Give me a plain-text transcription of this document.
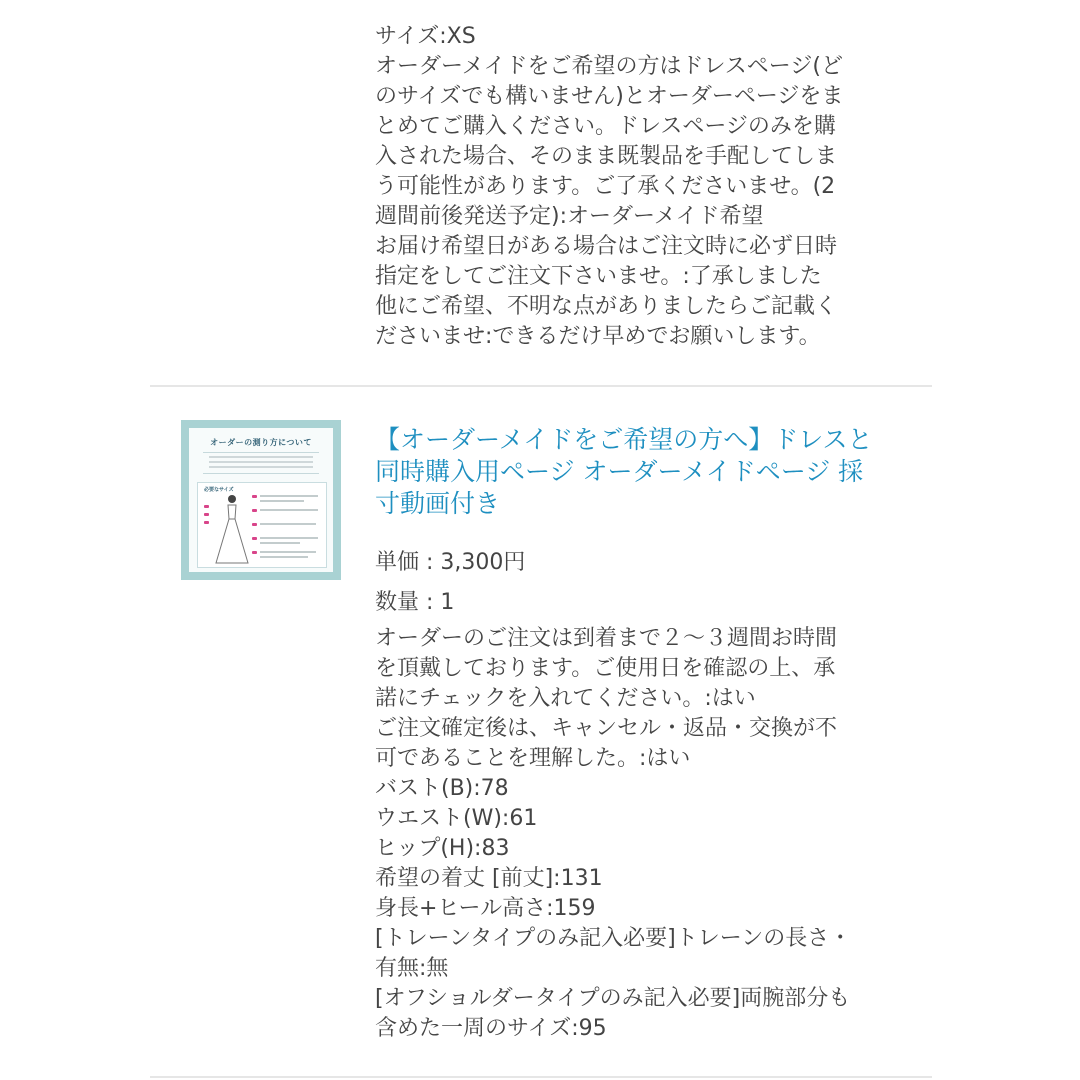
サイズ:XS
オーダーメイドをご希望の方はドレスページ(ど
のサイズでも構いません)とオーダーページをま
とめてご購入ください。ドレスページのみを購
入された場合、そのまま既製品を手配してしま
う可能性があります。ご了承くださいませ。(2
週間前後発送予定):オーダーメイド希望
お届け希望日がある場合はご注文時に必ず日時
指定をしてご注文下さいませ。:了承しました
他にご希望、不明な点がありましたらご記載く
ださいませ:できるだけ早めでお願いします。
オーダーの測り方について
必要なサイズ
【オーダーメイドをご希望の方へ】ドレスと
同時購入用ページ オーダーメイドページ 採
寸動画付き
単価 : 3,300円
数量 : 1
オーダーのご注文は到着まで２〜３週間お時間
を頂戴しております。ご使用日を確認の上、承
諾にチェックを入れてください。:はい
ご注文確定後は、キャンセル・返品・交換が不
可であることを理解した。:はい
バスト(B):78
ウエスト(W):61
ヒップ(H):83
希望の着丈 [前丈]:131
身長+ヒール高さ:159
[トレーンタイプのみ記入必要]トレーンの長さ・
有無:無
[オフショルダータイプのみ記入必要]両腕部分も
含めた一周のサイズ:95
